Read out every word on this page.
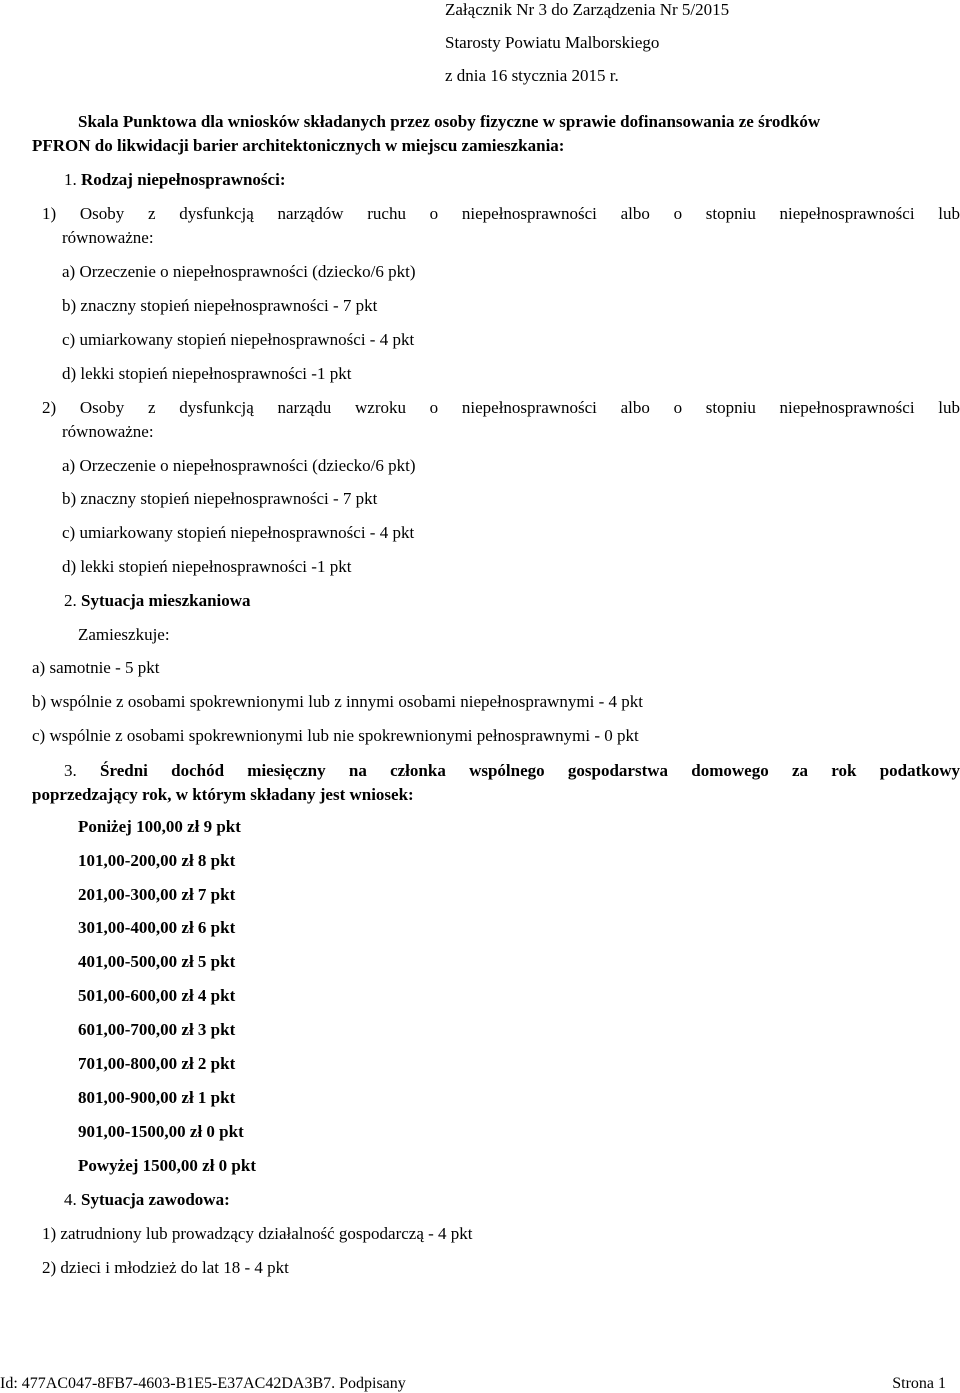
Załącznik Nr 3 do Zarządzenia Nr 5/2015
Starosty Powiatu Malborskiego
z dnia 16 stycznia 2015 r.
Skala Punktowa dla wniosków składanych przez osoby fizyczne w sprawie dofinansowania ze środków
PFRON do likwidacji barier architektonicznych w miejscu zamieszkania:
1. Rodzaj niepełnosprawności:
1) Osoby z dysfunkcją narządów ruchu o niepełnosprawności albo o stopniu niepełnosprawności lub
równoważne:
a) Orzeczenie o niepełnosprawności (dziecko/6 pkt)
b) znaczny stopień niepełnosprawności - 7 pkt
c) umiarkowany stopień niepełnosprawności - 4 pkt
d) lekki stopień niepełnosprawności -1 pkt
2) Osoby z dysfunkcją narządu wzroku o niepełnosprawności albo o stopniu niepełnosprawności lub
równoważne:
a) Orzeczenie o niepełnosprawności (dziecko/6 pkt)
b) znaczny stopień niepełnosprawności - 7 pkt
c) umiarkowany stopień niepełnosprawności - 4 pkt
d) lekki stopień niepełnosprawności -1 pkt
2. Sytuacja mieszkaniowa
Zamieszkuje:
a) samotnie - 5 pkt
b) wspólnie z osobami spokrewnionymi lub z innymi osobami niepełnosprawnymi - 4 pkt
c) wspólnie z osobami spokrewnionymi lub nie spokrewnionymi pełnosprawnymi - 0 pkt
3. Średni dochód miesięczny na członka wspólnego gospodarstwa domowego za rok podatkowy
poprzedzający rok, w którym składany jest wniosek:
Poniżej 100,00 zł 9 pkt
101,00-200,00 zł 8 pkt
201,00-300,00 zł 7 pkt
301,00-400,00 zł 6 pkt
401,00-500,00 zł 5 pkt
501,00-600,00 zł 4 pkt
601,00-700,00 zł 3 pkt
701,00-800,00 zł 2 pkt
801,00-900,00 zł 1 pkt
901,00-1500,00 zł 0 pkt
Powyżej 1500,00 zł 0 pkt
4. Sytuacja zawodowa:
1) zatrudniony lub prowadzący działalność gospodarczą - 4 pkt
2) dzieci i młodzież do lat 18 - 4 pkt
Id: 477AC047-8FB7-4603-B1E5-E37AC42DA3B7. Podpisany	Strona 1
